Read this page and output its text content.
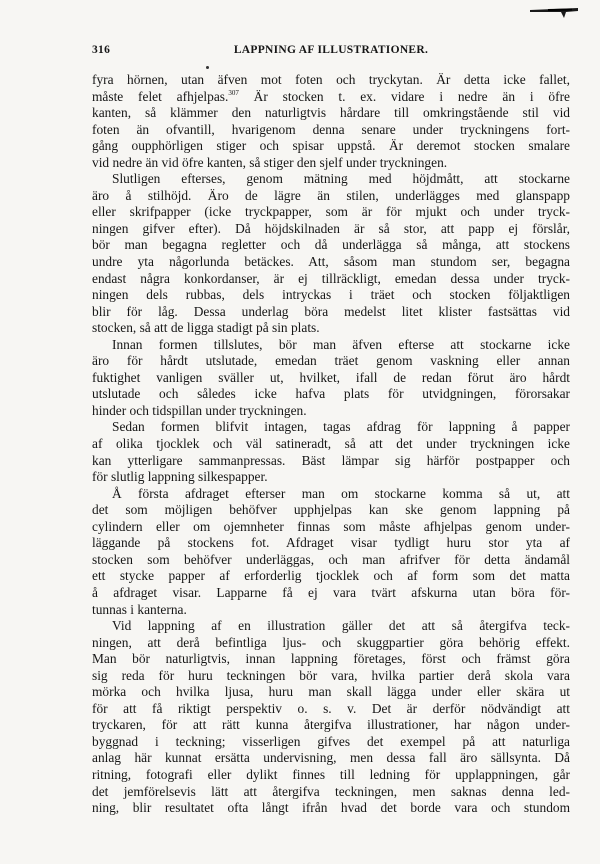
316	LAPPNING AF ILLUSTRATIONER.
fyra hörnen, utan äfven mot foten och tryckytan. Är detta icke fallet,
måste felet afhjelpas.$^{307}$ Är stocken t. ex. vidare i nedre än i öfre
kanten, så klämmer den naturligtvis hårdare till omkringstående stil vid
foten än ofvantill, hvarigenom denna senare under tryckningens fort-
gång oupphörligen stiger och spisar uppstå. Är deremot stocken smalare
vid nedre än vid öfre kanten, så stiger den sjelf under tryckningen.
Slutligen efterses, genom mätning med höjdmått, att stockarne
äro å stilhöjd. Äro de lägre än stilen, underlägges med glanspapp
eller skrifpapper (icke tryckpapper, som är för mjukt och under tryck-
ningen gifver efter). Då höjdskilnaden är så stor, att papp ej förslår,
bör man begagna regletter och då underlägga så många, att stockens
undre yta någorlunda betäckes. Att, såsom man stundom ser, begagna
endast några konkordanser, är ej tillräckligt, emedan dessa under tryck-
ningen dels rubbas, dels intryckas i träet och stocken följaktligen
blir för låg. Dessa underlag böra medelst litet klister fastsättas vid
stocken, så att de ligga stadigt på sin plats.
Innan formen tillslutes, bör man äfven efterse att stockarne icke
äro för hårdt utslutade, emedan träet genom vaskning eller annan
fuktighet vanligen sväller ut, hvilket, ifall de redan förut äro hårdt
utslutade och således icke hafva plats för utvidgningen, förorsakar
hinder och tidspillan under tryckningen.
Sedan formen blifvit intagen, tagas afdrag för lappning å papper
af olika tjocklek och väl satineradt, så att det under tryckningen icke
kan ytterligare sammanpressas. Bäst lämpar sig härför postpapper och
för slutlig lappning silkespapper.
Å första afdraget efterser man om stockarne komma så ut, att
det som möjligen behöfver upphjelpas kan ske genom lappning på
cylindern eller om ojemnheter finnas som måste afhjelpas genom under-
läggande på stockens fot. Afdraget visar tydligt huru stor yta af
stocken som behöfver underläggas, och man afrifver för detta ändamål
ett stycke papper af erforderlig tjocklek och af form som det matta
å afdraget visar. Lapparne få ej vara tvärt afskurna utan böra för-
tunnas i kanterna.
Vid lappning af en illustration gäller det att så återgifva teck-
ningen, att derå befintliga ljus- och skuggpartier göra behörig effekt.
Man bör naturligtvis, innan lappning företages, först och främst göra
sig reda för huru teckningen bör vara, hvilka partier derå skola vara
mörka och hvilka ljusa, huru man skall lägga under eller skära ut
för att få riktigt perspektiv o. s. v. Det är derför nödvändigt att
tryckaren, för att rätt kunna återgifva illustrationer, har någon under-
byggnad i teckning; visserligen gifves det exempel på att naturliga
anlag här kunnat ersätta undervisning, men dessa fall äro sällsynta. Då
ritning, fotografi eller dylikt finnes till ledning för upplappningen, går
det jemförelsevis lätt att återgifva teckningen, men saknas denna led-
ning, blir resultatet ofta långt ifrån hvad det borde vara och stundom
